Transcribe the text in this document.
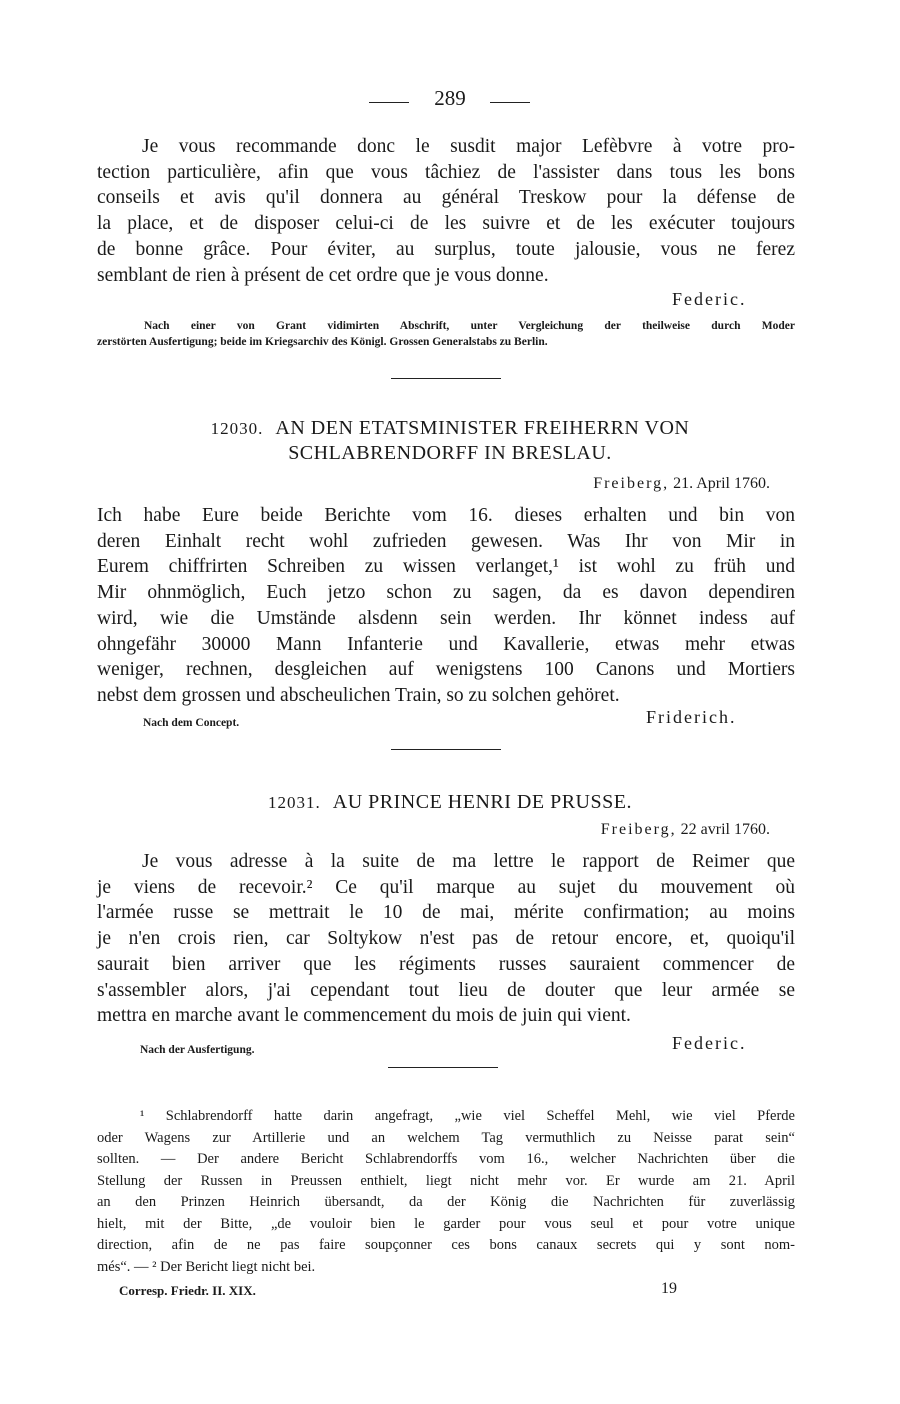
289
Je vous recommande donc le susdit major Lefèbvre à votre pro-
tection particulière, afin que vous tâchiez de l'assister dans tous les bons
conseils et avis qu'il donnera au général Treskow pour la défense de
la place, et de disposer celui-ci de les suivre et de les exécuter toujours
de bonne grâce. Pour éviter, au surplus, toute jalousie, vous ne ferez
semblant de rien à présent de cet ordre que je vous donne.
Federic.
Nach einer von Grant vidimirten Abschrift, unter Vergleichung der theilweise durch Moder
zerstörten Ausfertigung; beide im Kriegsarchiv des Königl. Grossen Generalstabs zu Berlin.
12030. AN DEN ETATSMINISTER FREIHERRN VON
SCHLABRENDORFF IN BRESLAU.
Freiberg, 21. April 1760.
Ich habe Eure beide Berichte vom 16. dieses erhalten und bin von
deren Einhalt recht wohl zufrieden gewesen. Was Ihr von Mir in
Eurem chiffrirten Schreiben zu wissen verlanget,¹ ist wohl zu früh und
Mir ohnmöglich, Euch jetzo schon zu sagen, da es davon dependiren
wird, wie die Umstände alsdenn sein werden. Ihr könnet indess auf
ohngefähr 30000 Mann Infanterie und Kavallerie, etwas mehr etwas
weniger, rechnen, desgleichen auf wenigstens 100 Canons und Mortiers
nebst dem grossen und abscheulichen Train, so zu solchen gehöret.
Nach dem Concept.	Friderich.
12031. AU PRINCE HENRI DE PRUSSE.
Freiberg, 22 avril 1760.
Je vous adresse à la suite de ma lettre le rapport de Reimer que
je viens de recevoir.² Ce qu'il marque au sujet du mouvement où
l'armée russe se mettrait le 10 de mai, mérite confirmation; au moins
je n'en crois rien, car Soltykow n'est pas de retour encore, et, quoiqu'il
saurait bien arriver que les régiments russes sauraient commencer de
s'assembler alors, j'ai cependant tout lieu de douter que leur armée se
mettra en marche avant le commencement du mois de juin qui vient.
Nach der Ausfertigung.	Federic.
¹ Schlabrendorff hatte darin angefragt, „wie viel Scheffel Mehl, wie viel Pferde
oder Wagens zur Artillerie und an welchem Tag vermuthlich zu Neisse parat sein“
sollten. — Der andere Bericht Schlabrendorffs vom 16., welcher Nachrichten über die
Stellung der Russen in Preussen enthielt, liegt nicht mehr vor. Er wurde am 21. April
an den Prinzen Heinrich übersandt, da der König die Nachrichten für zuverlässig
hielt, mit der Bitte, „de vouloir bien le garder pour vous seul et pour votre unique
direction, afin de ne pas faire soupçonner ces bons canaux secrets qui y sont nom-
més“. — ² Der Bericht liegt nicht bei.
Corresp. Friedr. II. XIX.	19
